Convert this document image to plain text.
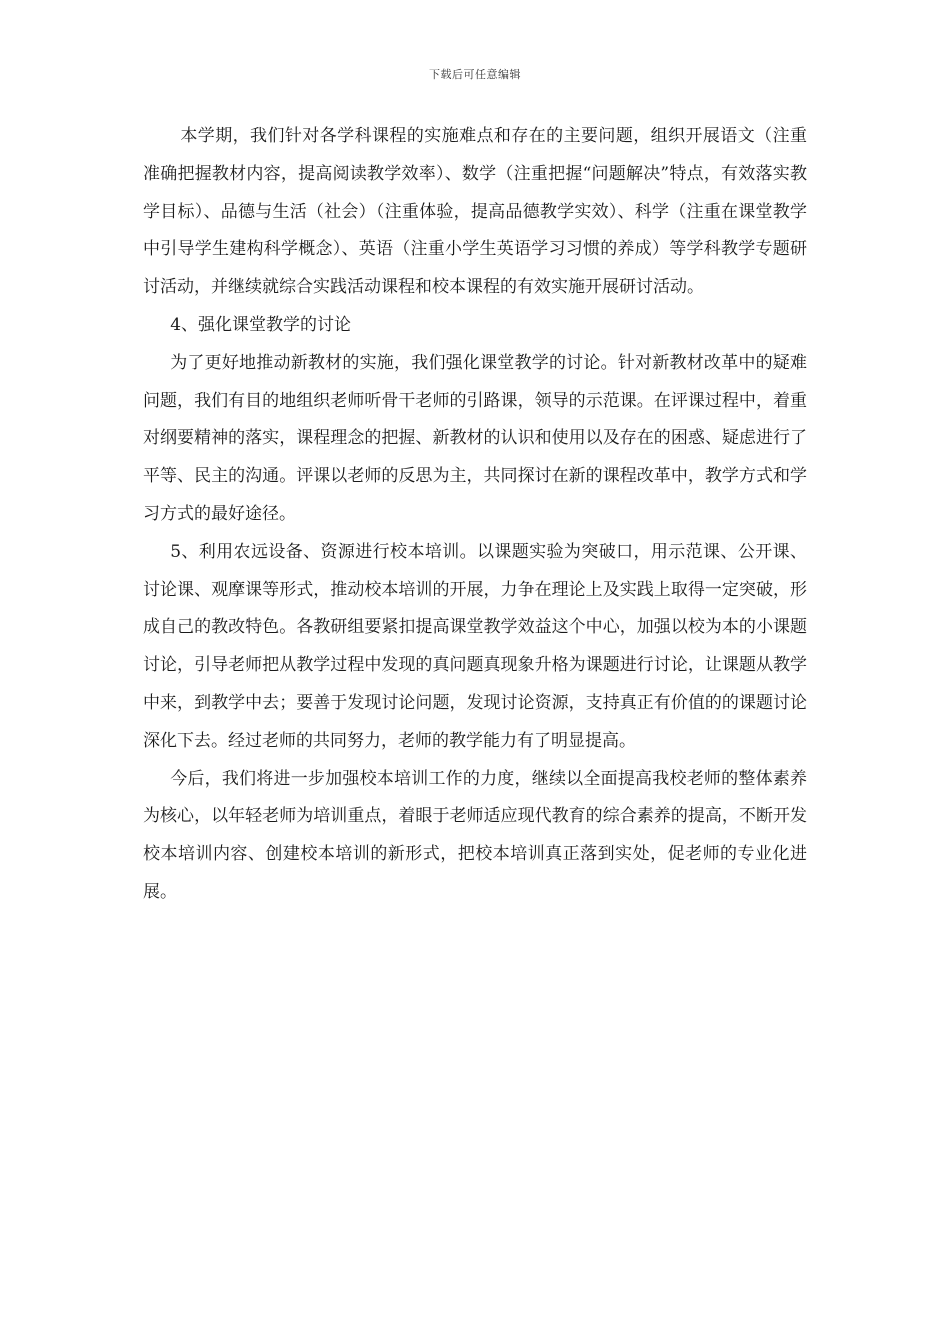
下载后可任意编辑

本学期，我们针对各学科课程的实施难点和存在的主要问题，组织开展语文（注重准确把握教材内容，提高阅读教学效率）、数学（注重把握“问题解决”特点，有效落实教学目标）、品德与生活（社会）（注重体验，提高品德教学实效）、科学（注重在课堂教学中引导学生建构科学概念）、英语（注重小学生英语学习习惯的养成）等学科教学专题研讨活动，并继续就综合实践活动课程和校本课程的有效实施开展研讨活动。

4、强化课堂教学的讨论

为了更好地推动新教材的实施，我们强化课堂教学的讨论。针对新教材改革中的疑难问题，我们有目的地组织老师听骨干老师的引路课，领导的示范课。在评课过程中，着重对纲要精神的落实，课程理念的把握、新教材的认识和使用以及存在的困惑、疑虑进行了平等、民主的沟通。评课以老师的反思为主，共同探讨在新的课程改革中，教学方式和学习方式的最好途径。

5、利用农远设备、资源进行校本培训。以课题实验为突破口，用示范课、公开课、讨论课、观摩课等形式，推动校本培训的开展，力争在理论上及实践上取得一定突破，形成自己的教改特色。各教研组要紧扣提高课堂教学效益这个中心，加强以校为本的小课题讨论，引导老师把从教学过程中发现的真问题真现象升格为课题进行讨论，让课题从教学中来，到教学中去；要善于发现讨论问题，发现讨论资源，支持真正有价值的的课题讨论深化下去。经过老师的共同努力，老师的教学能力有了明显提高。

今后，我们将进一步加强校本培训工作的力度，继续以全面提高我校老师的整体素养为核心，以年轻老师为培训重点，着眼于老师适应现代教育的综合素养的提高，不断开发校本培训内容、创建校本培训的新形式，把校本培训真正落到实处，促老师的专业化进展。
